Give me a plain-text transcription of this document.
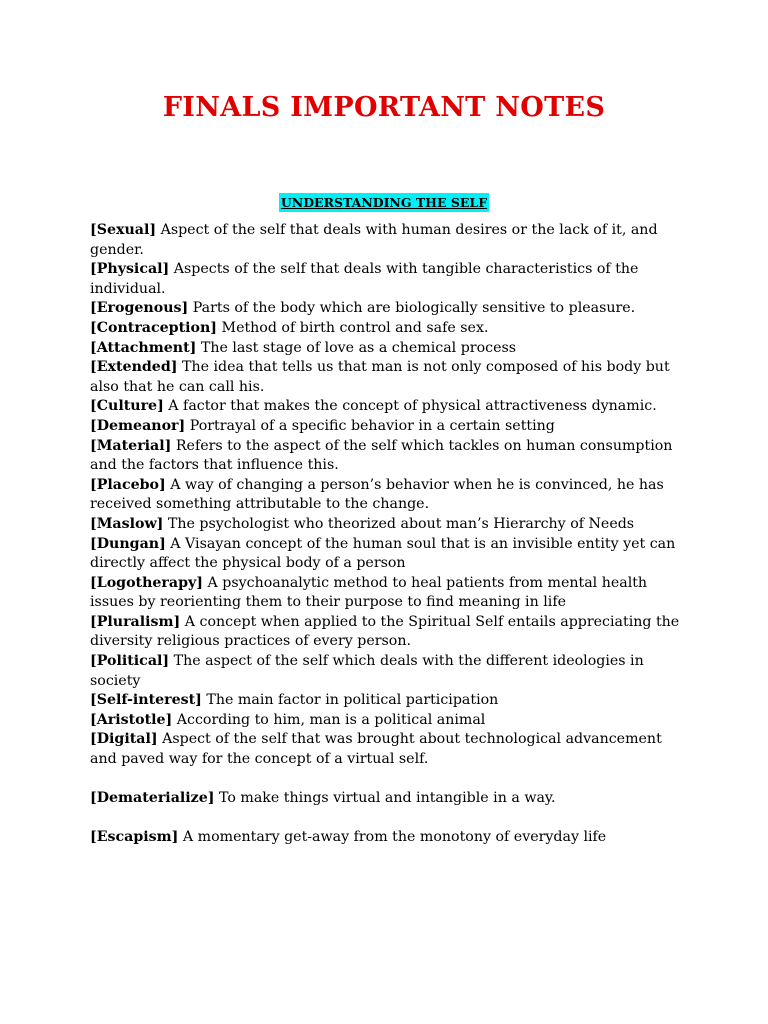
FINALS IMPORTANT NOTES
UNDERSTANDING THE SELF

[Sexual] Aspect of the self that deals with human desires or the lack of it, and gender.

[Physical] Aspects of the self that deals with tangible characteristics of the individual.

[Erogenous] Parts of the body which are biologically sensitive to pleasure.

[Contraception] Method of birth control and safe sex.

[Attachment] The last stage of love as a chemical process

[Extended] The idea that tells us that man is not only composed of his body but also that he can call his.

[Culture] A factor that makes the concept of physical attractiveness dynamic.

[Demeanor] Portrayal of a specific behavior in a certain setting

[Material] Refers to the aspect of the self which tackles on human consumption and the factors that influence this.

[Placebo] A way of changing a person’s behavior when he is convinced, he has received something attributable to the change.

[Maslow] The psychologist who theorized about man’s Hierarchy of Needs

[Dungan] A Visayan concept of the human soul that is an invisible entity yet can directly affect the physical body of a person

[Logotherapy] A psychoanalytic method to heal patients from mental health issues by reorienting them to their purpose to find meaning in life

[Pluralism] A concept when applied to the Spiritual Self entails appreciating the diversity religious practices of every person.

[Political] The aspect of the self which deals with the different ideologies in society

[Self-interest] The main factor in political participation

[Aristotle] According to him, man is a political animal

[Digital] Aspect of the self that was brought about technological advancement and paved way for the concept of a virtual self.

[Dematerialize] To make things virtual and intangible in a way.

[Escapism] A momentary get-away from the monotony of everyday life
